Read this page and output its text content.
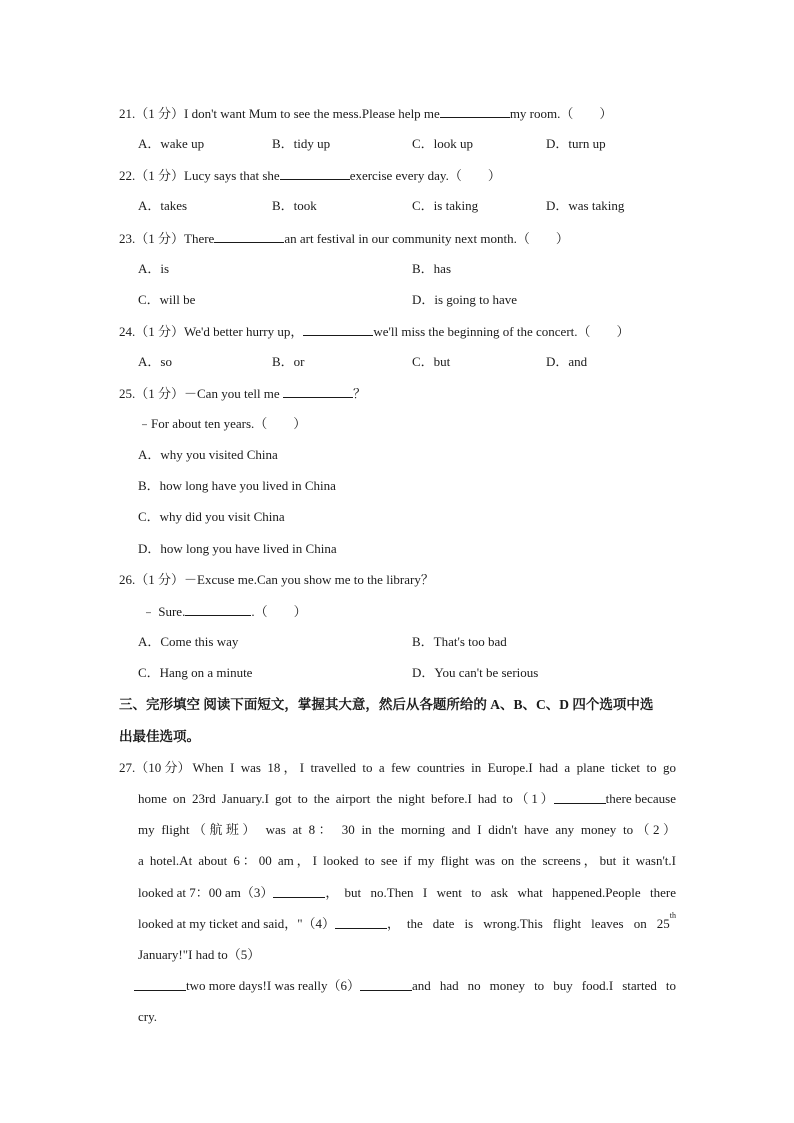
21.（1 分）I don't want Mum to see the mess.Please help me	my room.（　　）
A．wake up	B．tidy up	C．look up	D．turn up
22.（1 分）Lucy says that she	exercise every day.（　　）
A．takes	B．took	C．is taking	D．was taking
23.（1 分）There	an art festival in our community next month.（　　）
A．is	B．has
C．will be	D．is going to have
24.（1 分）We'd better hurry up，	we'll miss the beginning of the concert.（　　）
A．so	B．or	C．but	D．and
25.（1 分）－Can you tell me	？
﹣For about ten years.（　　）
A．why you visited China
B．how long have you lived in China
C．why did you visit China
D．how long you have lived in China
26.（1 分）－Excuse me.Can you show me to the library？
﹣ Sure.	.（　　）
A．Come this way	B．That's too bad
C．Hang on a minute	D．You can't be serious
三、完形填空 阅读下面短文，掌握其大意，然后从各题所给的 A、B、C、D 四个选项中选
出最佳选项。
27.（10 分） When I was 18，I travelled to a few countries in Europe.I had a plane ticket to go
home on 23rd January.I got to the airport the night before.I had to（1）	there because
my flight（航班） was at 8： 30 in the morning and I didn't have any money to（2）
a hotel.At about 6：00 am，I looked to see if my flight was on the screens，but it wasn't.I
looked at 7：00 am（3）	，but no.Then I went to ask what happened.People there
looked at my ticket and said，"（4）	，the date is wrong.This flight leaves on 25
th
January!"I had to（5）
two more days!I was really（6）	and had no money to buy food.I started to
cry.
